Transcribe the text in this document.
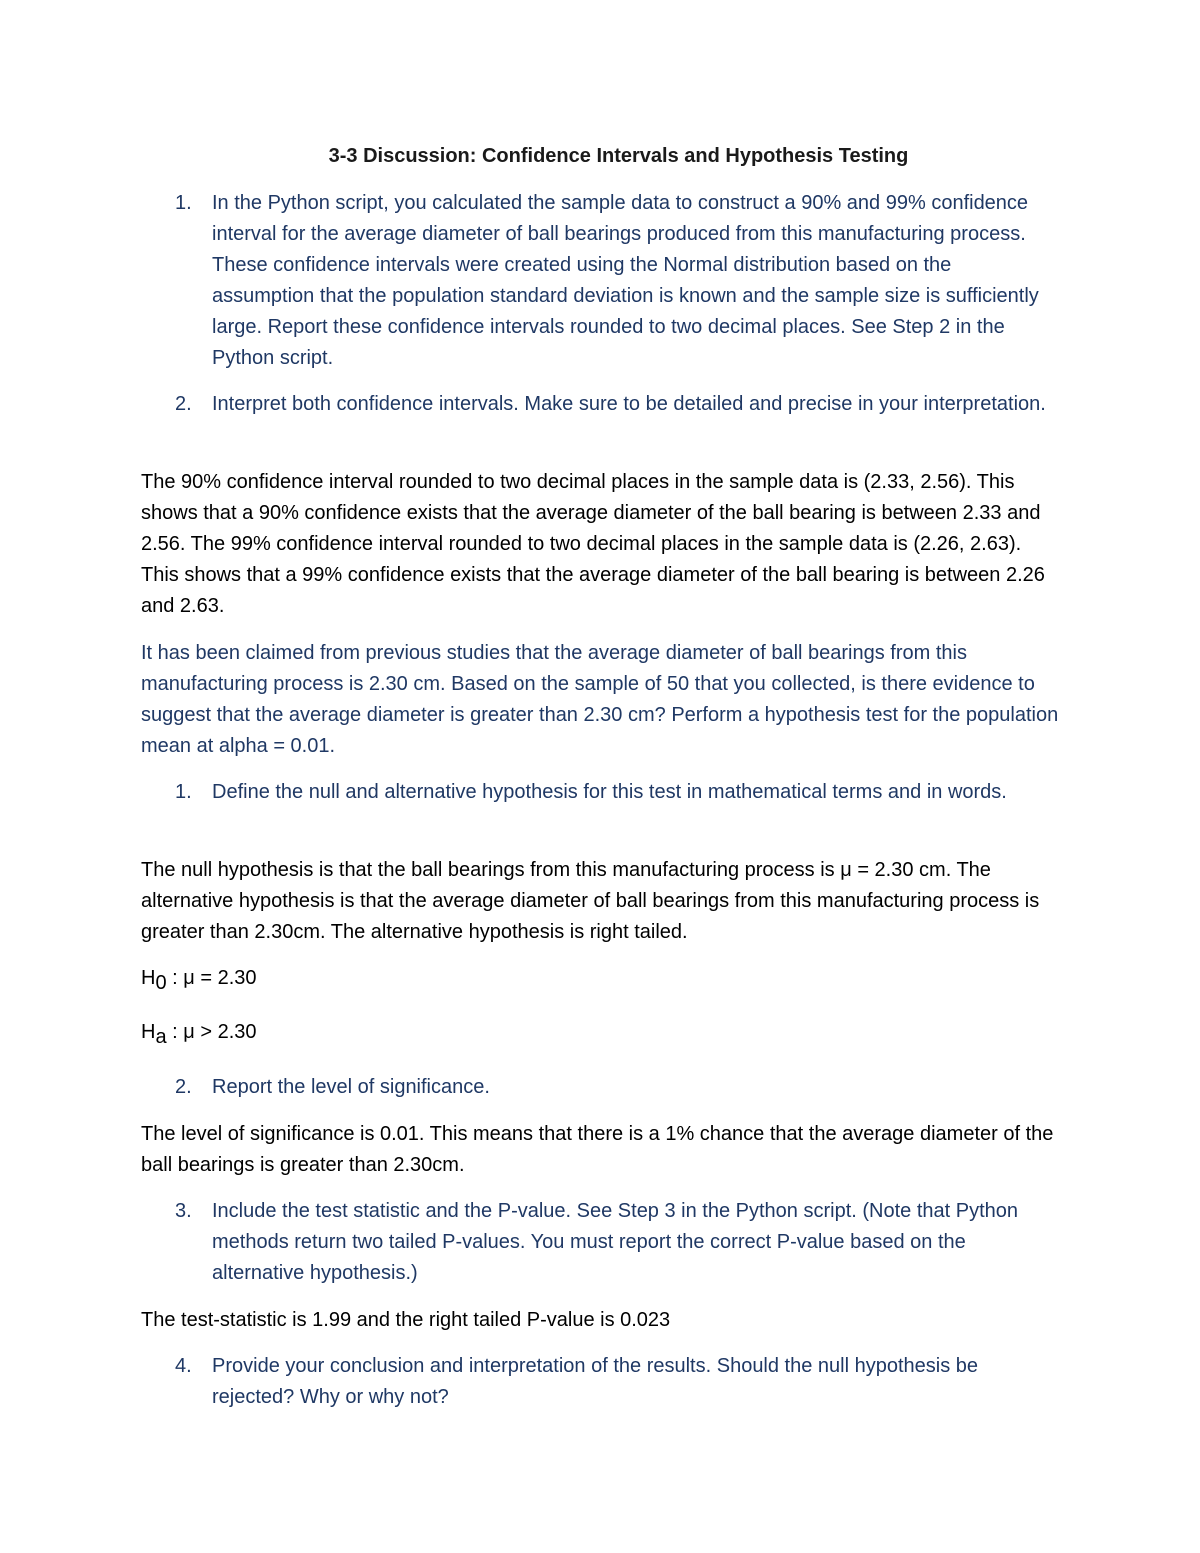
3-3 Discussion: Confidence Intervals and Hypothesis Testing
1.	In the Python script, you calculated the sample data to construct a 90% and 99% confidence interval for the average diameter of ball bearings produced from this manufacturing process. These confidence intervals were created using the Normal distribution based on the assumption that the population standard deviation is known and the sample size is sufficiently large. Report these confidence intervals rounded to two decimal places. See Step 2 in the Python script.
2.	Interpret both confidence intervals. Make sure to be detailed and precise in your interpretation.
The 90% confidence interval rounded to two decimal places in the sample data is (2.33, 2.56). This shows that a 90% confidence exists that the average diameter of the ball bearing is between 2.33 and 2.56. The 99% confidence interval rounded to two decimal places in the sample data is (2.26, 2.63). This shows that a 99% confidence exists that the average diameter of the ball bearing is between 2.26 and 2.63.
It has been claimed from previous studies that the average diameter of ball bearings from this manufacturing process is 2.30 cm. Based on the sample of 50 that you collected, is there evidence to suggest that the average diameter is greater than 2.30 cm? Perform a hypothesis test for the population mean at alpha = 0.01.
1.	Define the null and alternative hypothesis for this test in mathematical terms and in words.
The null hypothesis is that the ball bearings from this manufacturing process is μ = 2.30 cm. The alternative hypothesis is that the average diameter of ball bearings from this manufacturing process is greater than 2.30cm. The alternative hypothesis is right tailed.
H0 : μ = 2.30
Ha : μ > 2.30
2.	Report the level of significance.
The level of significance is 0.01. This means that there is a 1% chance that the average diameter of the ball bearings is greater than 2.30cm.
3.	Include the test statistic and the P-value. See Step 3 in the Python script. (Note that Python methods return two tailed P-values. You must report the correct P-value based on the alternative hypothesis.)
The test-statistic is 1.99 and the right tailed P-value is 0.023
4.	Provide your conclusion and interpretation of the results. Should the null hypothesis be rejected? Why or why not?
